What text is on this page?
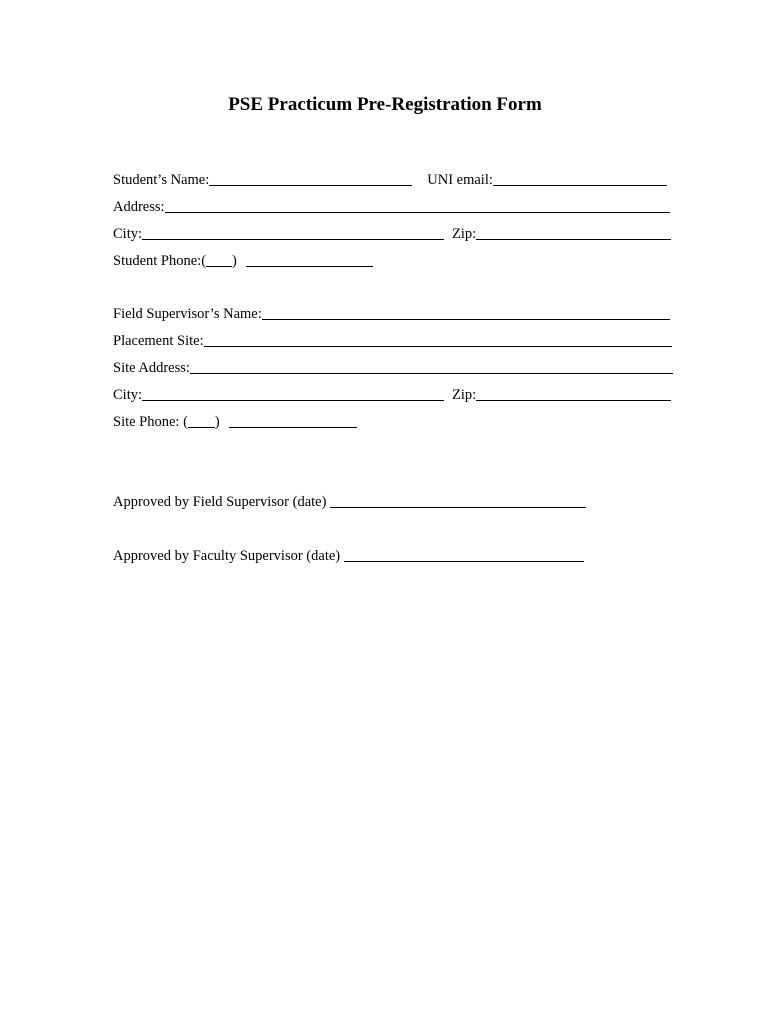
PSE Practicum Pre-Registration Form
Student’s Name:	UNI email:
Address:
City:	Zip:
Student Phone:( )
Field Supervisor’s Name:
Placement Site:
Site Address:
City:	Zip:
Site Phone: ( )
Approved by Field Supervisor (date)
Approved by Faculty Supervisor (date)
